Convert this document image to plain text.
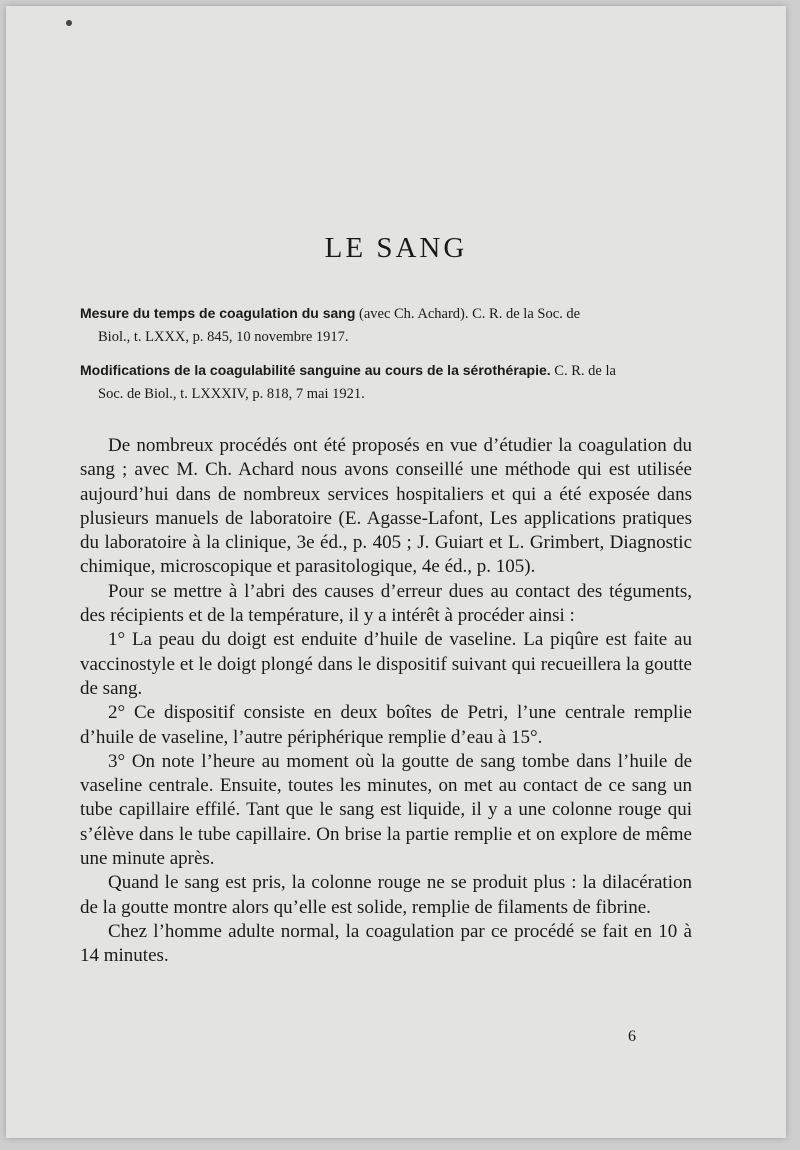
LE SANG
Mesure du temps de coagulation du sang (avec Ch. Achard). C. R. de la Soc. de
Biol., t. LXXX, p. 845, 10 novembre 1917.
Modifications de la coagulabilité sanguine au cours de la sérothérapie. C. R. de la
Soc. de Biol., t. LXXXIV, p. 818, 7 mai 1921.

De nombreux procédés ont été proposés en vue d’étudier la coagulation du sang ; avec M. Ch. Achard nous avons conseillé une méthode qui est utilisée aujourd’hui dans de nombreux services hospitaliers et qui a été exposée dans plusieurs manuels de laboratoire (E. Agasse-Lafont, Les applications pratiques du laboratoire à la clinique, 3e éd., p. 405 ; J. Guiart et L. Grimbert, Diagnostic chimique, microscopique et parasitologique, 4e éd., p. 105).

Pour se mettre à l’abri des causes d’erreur dues au contact des téguments, des récipients et de la température, il y a intérêt à procéder ainsi :

1° La peau du doigt est enduite d’huile de vaseline. La piqûre est faite au vaccinostyle et le doigt plongé dans le dispositif suivant qui recueillera la goutte de sang.

2° Ce dispositif consiste en deux boîtes de Petri, l’une centrale remplie d’huile de vaseline, l’autre périphérique remplie d’eau à 15°.

3° On note l’heure au moment où la goutte de sang tombe dans l’huile de vaseline centrale. Ensuite, toutes les minutes, on met au contact de ce sang un tube capillaire effilé. Tant que le sang est liquide, il y a une colonne rouge qui s’élève dans le tube capillaire. On brise la partie remplie et on explore de même une minute après.

Quand le sang est pris, la colonne rouge ne se produit plus : la dilacération de la goutte montre alors qu’elle est solide, remplie de filaments de fibrine.

Chez l’homme adulte normal, la coagulation par ce procédé se fait en 10 à 14 minutes.

6
